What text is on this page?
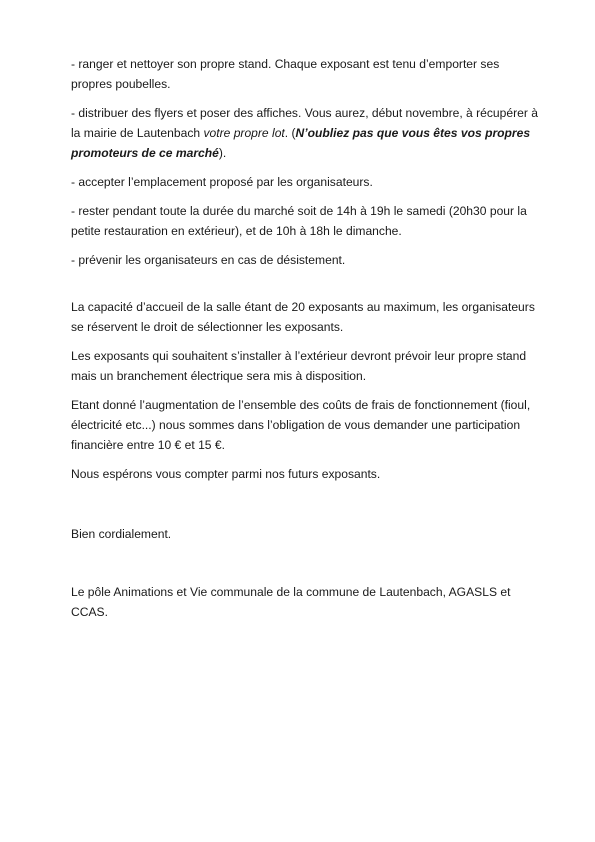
- ranger et nettoyer son propre stand. Chaque exposant est tenu d’emporter ses propres poubelles.

- distribuer des flyers et poser des affiches. Vous aurez, début novembre, à récupérer à la mairie de Lautenbach votre propre lot. (N’oubliez pas que vous êtes vos propres promoteurs de ce marché).

- accepter l’emplacement proposé par les organisateurs.

- rester pendant toute la durée du marché soit de 14h à 19h le samedi (20h30 pour la petite restauration en extérieur), et de 10h à 18h le dimanche.

- prévenir les organisateurs en cas de désistement.

La capacité d’accueil de la salle étant de 20 exposants au maximum, les organisateurs se réservent le droit de sélectionner les exposants.

Les exposants qui souhaitent s’installer à l’extérieur devront prévoir leur propre stand mais un branchement électrique sera mis à disposition.

Etant donné l’augmentation de l’ensemble des coûts de frais de fonctionnement (fioul, électricité etc...) nous sommes dans l’obligation de vous demander une participation financière entre 10 € et 15 €.

Nous espérons vous compter parmi nos futurs exposants.

Bien cordialement.

Le pôle Animations et Vie communale de la commune de Lautenbach, AGASLS et CCAS.
